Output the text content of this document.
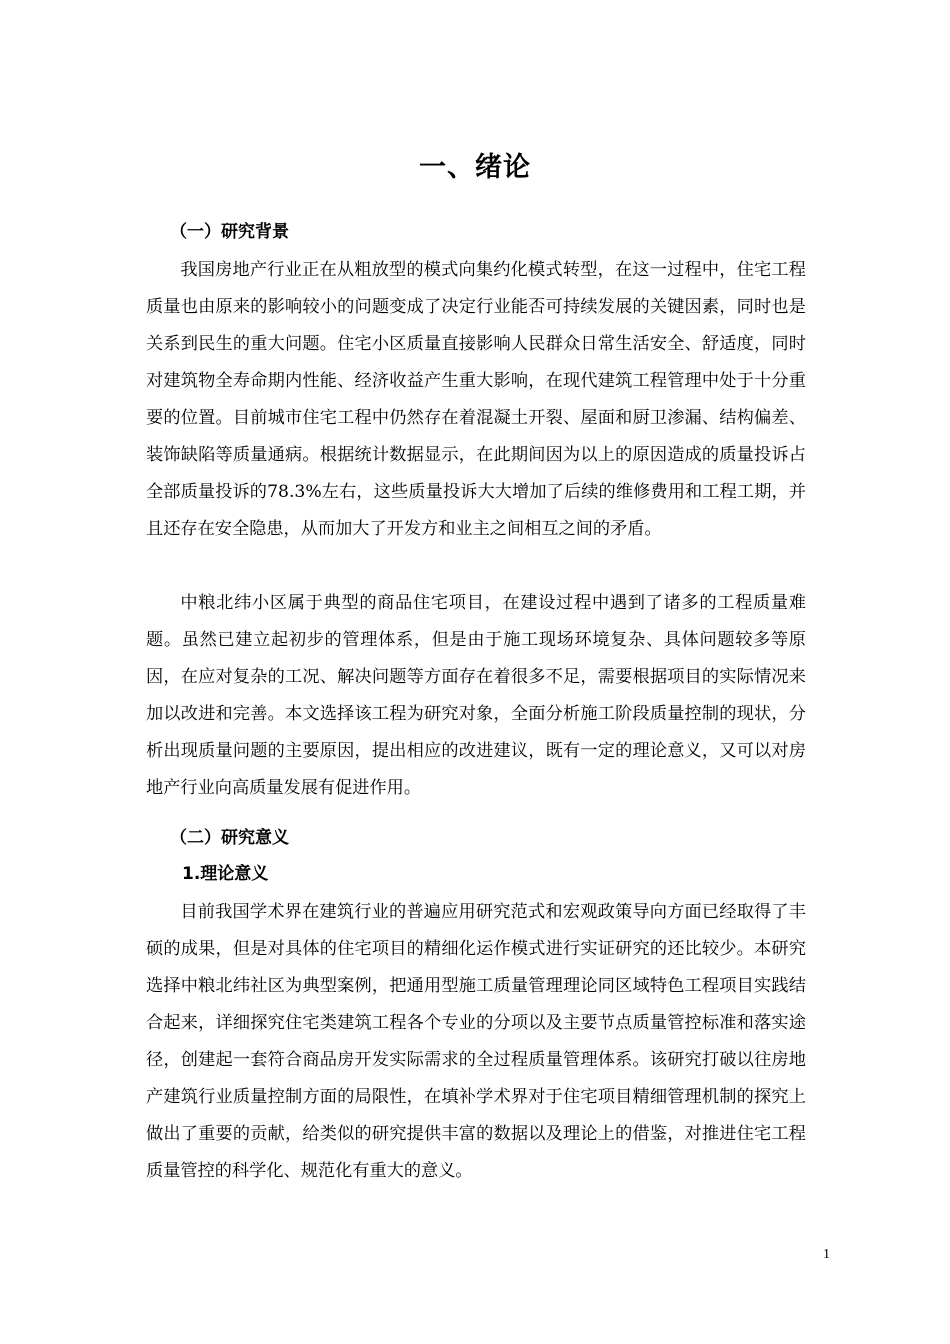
一、绪论
（一）研究背景

我国房地产行业正在从粗放型的模式向集约化模式转型，在这一过程中，住宅工程质量也由原来的影响较小的问题变成了决定行业能否可持续发展的关键因素，同时也是关系到民生的重大问题。住宅小区质量直接影响人民群众日常生活安全、舒适度，同时对建筑物全寿命期内性能、经济收益产生重大影响，在现代建筑工程管理中处于十分重要的位置。目前城市住宅工程中仍然存在着混凝土开裂、屋面和厨卫渗漏、结构偏差、装饰缺陷等质量通病。根据统计数据显示，在此期间因为以上的原因造成的质量投诉占全部质量投诉的78.3%左右，这些质量投诉大大增加了后续的维修费用和工程工期，并且还存在安全隐患，从而加大了开发方和业主之间相互之间的矛盾。

中粮北纬小区属于典型的商品住宅项目，在建设过程中遇到了诸多的工程质量难题。虽然已建立起初步的管理体系，但是由于施工现场环境复杂、具体问题较多等原因，在应对复杂的工况、解决问题等方面存在着很多不足，需要根据项目的实际情况来加以改进和完善。本文选择该工程为研究对象，全面分析施工阶段质量控制的现状，分析出现质量问题的主要原因，提出相应的改进建议，既有一定的理论意义，又可以对房地产行业向高质量发展有促进作用。

（二）研究意义
1.理论意义

目前我国学术界在建筑行业的普遍应用研究范式和宏观政策导向方面已经取得了丰硕的成果，但是对具体的住宅项目的精细化运作模式进行实证研究的还比较少。本研究选择中粮北纬社区为典型案例，把通用型施工质量管理理论同区域特色工程项目实践结合起来，详细探究住宅类建筑工程各个专业的分项以及主要节点质量管控标准和落实途径，创建起一套符合商品房开发实际需求的全过程质量管理体系。该研究打破以往房地产建筑行业质量控制方面的局限性，在填补学术界对于住宅项目精细管理机制的探究上做出了重要的贡献，给类似的研究提供丰富的数据以及理论上的借鉴，对推进住宅工程质量管控的科学化、规范化有重大的意义。

1
